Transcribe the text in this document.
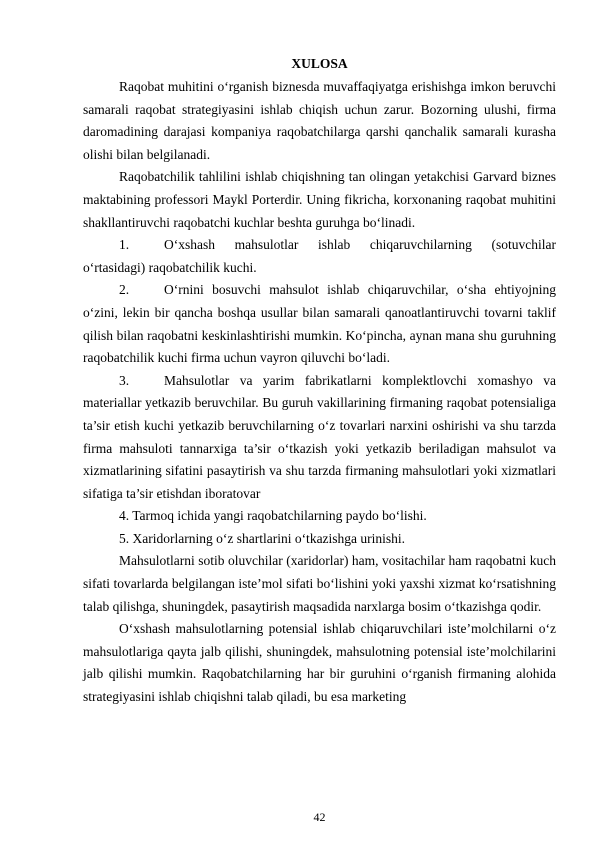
XULOSA

Raqobat muhitini o‘rganish biznesda muvaffaqiyatga erishishga imkon beruvchi samarali raqobat strategiyasini ishlab chiqish uchun zarur. Bozorning ulushi, firma daromadining darajasi kompaniya raqobatchilarga qarshi qanchalik samarali kurasha olishi bilan belgilanadi.

Raqobatchilik tahlilini ishlab chiqishning tan olingan yetakchisi Garvard biznes maktabining professori Maykl Porterdir. Uning fikricha, korxonaning raqobat muhitini shakllantiruvchi raqobatchi kuchlar beshta guruhga bo‘linadi.

1.	O‘xshash mahsulotlar ishlab chiqaruvchilarning (sotuvchilar o‘rtasidagi) raqobatchilik kuchi.

2.	O‘rnini bosuvchi mahsulot ishlab chiqaruvchilar, o‘sha ehtiyojning o‘zini, lekin bir qancha boshqa usullar bilan samarali qanoatlantiruvchi tovarni taklif qilish bilan raqobatni keskinlashtirishi mumkin. Ko‘pincha, aynan mana shu guruhning raqobatchilik kuchi firma uchun vayron qiluvchi bo‘ladi.

3.	Mahsulotlar va yarim fabrikatlarni komplektlovchi xomashyo va materiallar yetkazib beruvchilar. Bu guruh vakillarining firmaning raqobat potensialiga ta’sir etish kuchi yetkazib beruvchilarning o‘z tovarlari narxini oshirishi va shu tarzda firma mahsuloti tannarxiga ta’sir o‘tkazish yoki yetkazib beriladigan mahsulot va xizmatlarining sifatini pasaytirish va shu tarzda firmaning mahsulotlari yoki xizmatlari sifatiga ta’sir etishdan iboratovar

4. Tarmoq ichida yangi raqobatchilarning paydo bo‘lishi.

5. Xaridorlarning o‘z shartlarini o‘tkazishga urinishi.

Mahsulotlarni sotib oluvchilar (xaridorlar) ham, vositachilar ham raqobatni kuch sifati tovarlarda belgilangan iste’mol sifati bo‘lishini yoki yaxshi xizmat ko‘rsatishning talab qilishga, shuningdek, pasaytirish maqsadida narxlarga bosim o‘tkazishga qodir.

O‘xshash mahsulotlarning potensial ishlab chiqaruvchilari iste’molchilarni o‘z mahsulotlariga qayta jalb qilishi, shuningdek, mahsulotning potensial iste’molchilarini jalb qilishi mumkin. Raqobatchilarning har bir guruhini o‘rganish firmaning alohida strategiyasini ishlab chiqishni talab qiladi, bu esa marketing

42
